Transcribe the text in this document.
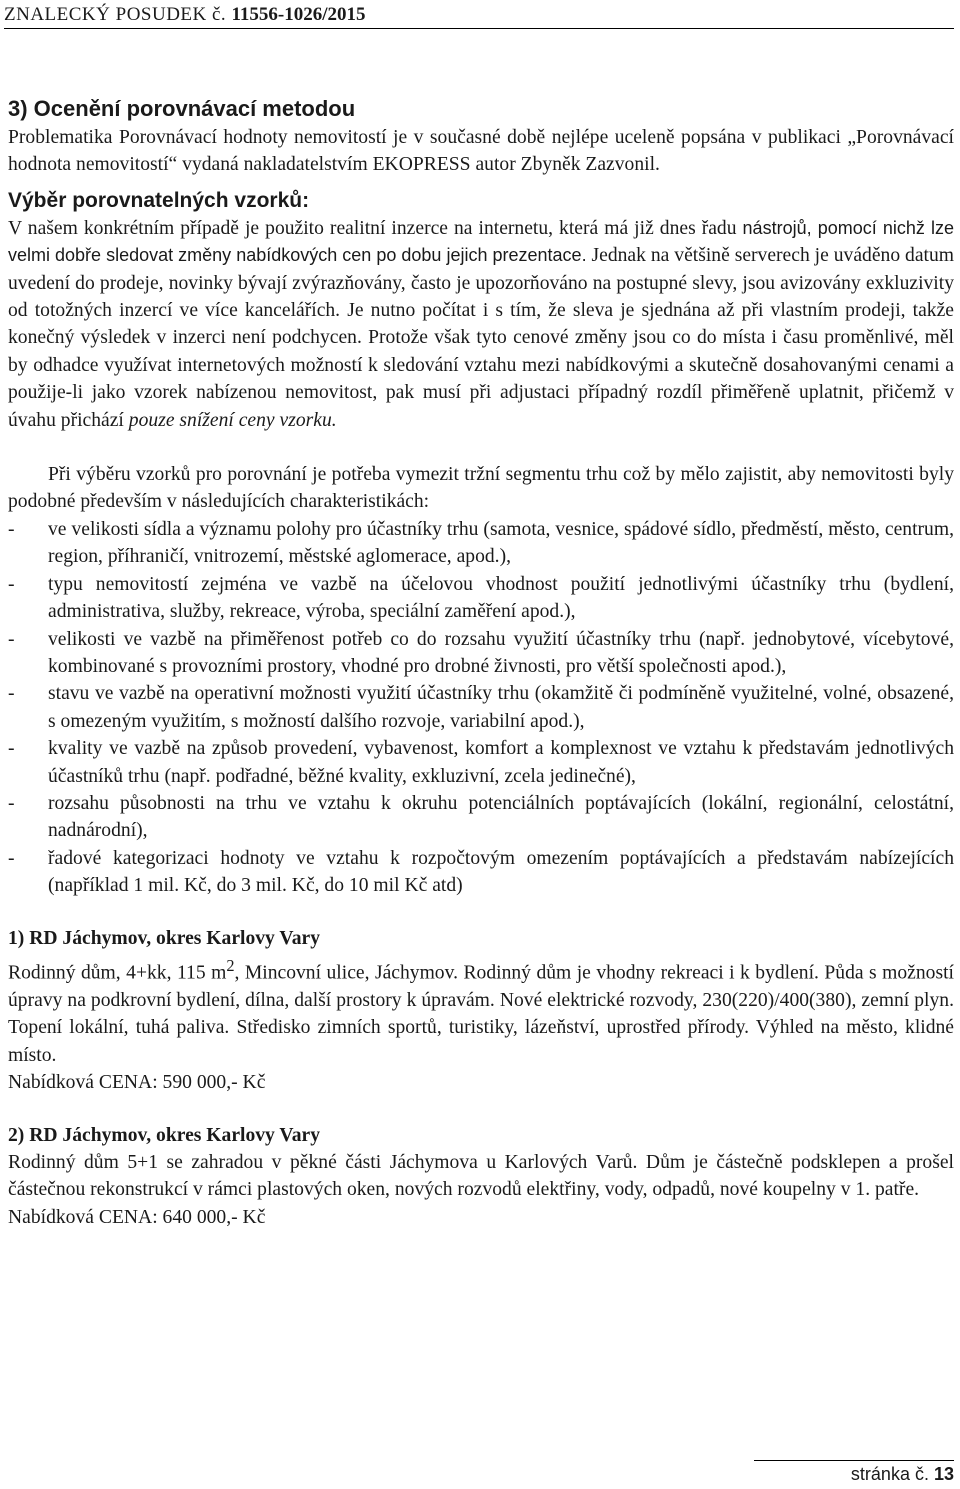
ZNALECKÝ POSUDEK č. 11556-1026/2015
3) Ocenění porovnávací metodou

Problematika Porovnávací hodnoty nemovitostí je v současné době nejlépe uceleně popsána v publikaci „Porovnávací hodnota nemovitostí“ vydaná nakladatelstvím EKOPRESS autor Zbyněk Zazvonil.

Výběr porovnatelných vzorků:

V našem konkrétním případě je použito realitní inzerce na internetu, která má již dnes řadu nástrojů, pomocí nichž lze velmi dobře sledovat změny nabídkových cen po dobu jejich prezentace. Jednak na většině serverech je uváděno datum uvedení do prodeje, novinky bývají zvýrazňovány, často je upozorňováno na postupné slevy, jsou avizovány exkluzivity od totožných inzercí ve více kancelářích. Je nutno počítat i s tím, že sleva je sjednána až při vlastním prodeji, takže konečný výsledek v inzerci není podchycen. Protože však tyto cenové změny jsou co do místa i času proměnlivé, měl by odhadce využívat internetových možností k sledování vztahu mezi nabídkovými a skutečně dosahovanými cenami a použije-li jako vzorek nabízenou nemovitost, pak musí při adjustaci případný rozdíl přiměřeně uplatnit, přičemž v úvahu přichází pouze snížení ceny vzorku.

Při výběru vzorků pro porovnání je potřeba vymezit tržní segmentu trhu což by mělo zajistit, aby nemovitosti byly podobné především v následujících charakteristikách:

- ve velikosti sídla a významu polohy pro účastníky trhu (samota, vesnice, spádové sídlo, předměstí, město, centrum, region, příhraničí, vnitrozemí, městské aglomerace, apod.),
- typu nemovitostí zejména ve vazbě na účelovou vhodnost použití jednotlivými účastníky trhu (bydlení, administrativa, služby, rekreace, výroba, speciální zaměření apod.),
- velikosti ve vazbě na přiměřenost potřeb co do rozsahu využití účastníky trhu (např. jednobytové, vícebytové, kombinované s provozními prostory, vhodné pro drobné živnosti, pro větší společnosti apod.),
- stavu ve vazbě na operativní možnosti využití účastníky trhu (okamžitě či podmíněně využitelné, volné, obsazené, s omezeným využitím, s možností dalšího rozvoje, variabilní apod.),
- kvality ve vazbě na způsob provedení, vybavenost, komfort a komplexnost ve vztahu k představám jednotlivých účastníků trhu (např. podřadné, běžné kvality, exkluzivní, zcela jedinečné),
- rozsahu působnosti na trhu ve vztahu k okruhu potenciálních poptávajících (lokální, regionální, celostátní, nadnárodní),
- řadové kategorizaci hodnoty ve vztahu k rozpočtovým omezením poptávajících a představám nabízejících (například 1 mil. Kč, do 3 mil. Kč, do 10 mil Kč atd)
1) RD Jáchymov, okres Karlovy Vary

Rodinný dům, 4+kk, 115 $m^2$, Mincovní ulice, Jáchymov. Rodinný dům je vhodny rekreaci i k bydlení. Půda s možností úpravy na podkrovní bydlení, dílna, další prostory k úpravám. Nové elektrické rozvody, 230(220)/400(380), zemní plyn. Topení lokální, tuhá paliva. Středisko zimních sportů, turistiky, lázeňství, uprostřed přírody. Výhled na město, klidné místo.

Nabídková CENA: 590 000,- Kč

2) RD Jáchymov, okres Karlovy Vary

Rodinný dům 5+1 se zahradou v pěkné části Jáchymova u Karlových Varů. Dům je částečně podsklepen a prošel částečnou rekonstrukcí v rámci plastových oken, nových rozvodů elektřiny, vody, odpadů, nové koupelny v 1. patře.

Nabídková CENA: 640 000,- Kč

stránka č. 13
